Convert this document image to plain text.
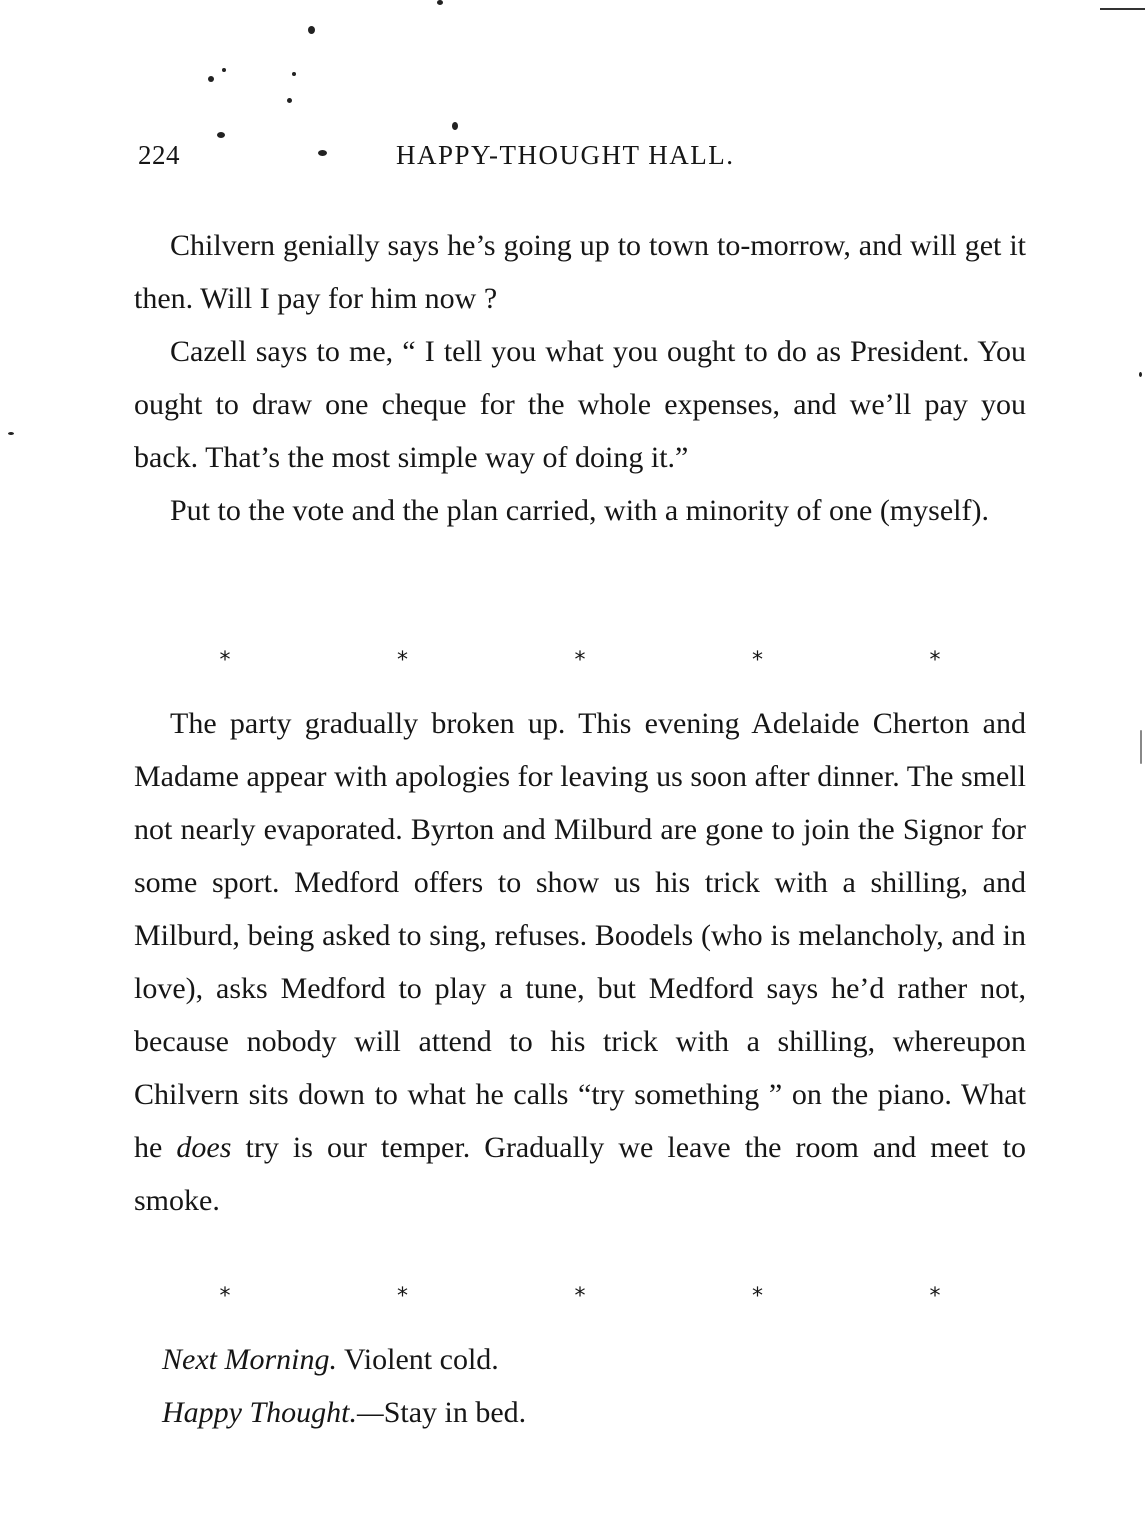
224	HAPPY-THOUGHT HALL.

Chilvern genially says he’s going up to town to-morrow, and will get it then. Will I pay for him now ?

Cazell says to me, “ I tell you what you ought to do as President. You ought to draw one cheque for the whole expenses, and we’ll pay you back. That’s the most simple way of doing it.”

Put to the vote and the plan carried, with a minority of one (myself).

*	*	*	*	*

The party gradually broken up. This evening Adelaide Cherton and Madame appear with apologies for leaving us soon after dinner. The smell not nearly evaporated. Byrton and Milburd are gone to join the Signor for some sport. Medford offers to show us his trick with a shilling, and Milburd, being asked to sing, refuses. Boodels (who is melancholy, and in love), asks Medford to play a tune, but Medford says he’d rather not, because nobody will attend to his trick with a shilling, whereupon Chilvern sits down to what he calls “try something ” on the piano. What he does try is our temper. Gradually we leave the room and meet to smoke.

*	*	*	*	*

Next Morning. Violent cold.

Happy Thought.—Stay in bed.
